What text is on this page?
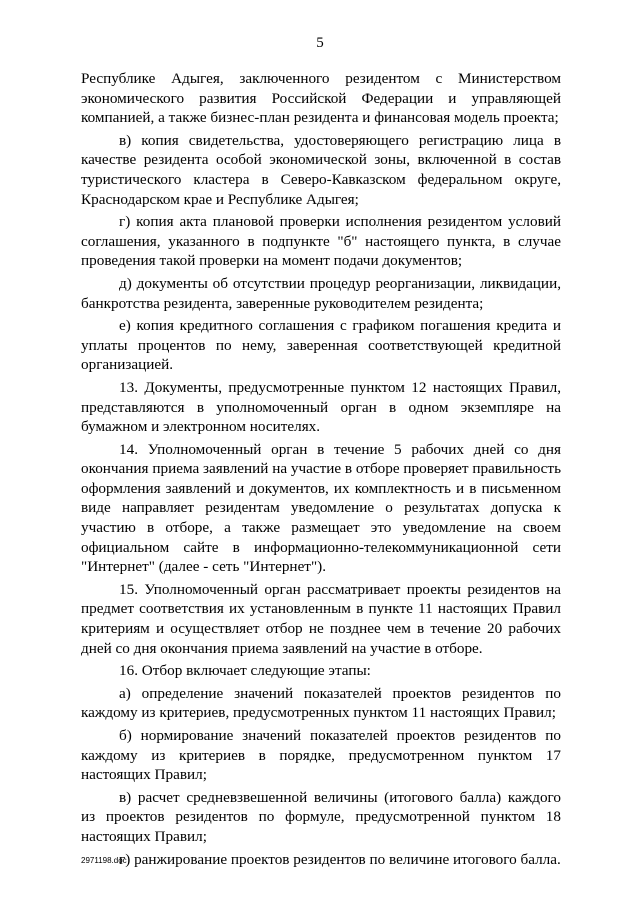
5

Республике Адыгея, заключенного резидентом с Министерством экономического развития Российской Федерации и управляющей компанией, а также бизнес-план резидента и финансовая модель проекта;

в) копия свидетельства, удостоверяющего регистрацию лица в качестве резидента особой экономической зоны, включенной в состав туристического кластера в Северо-Кавказском федеральном округе, Краснодарском крае и Республике Адыгея;

г) копия акта плановой проверки исполнения резидентом условий соглашения, указанного в подпункте "б" настоящего пункта, в случае проведения такой проверки на момент подачи документов;

д) документы об отсутствии процедур реорганизации, ликвидации, банкротства резидента, заверенные руководителем резидента;

е) копия кредитного соглашения с графиком погашения кредита и уплаты процентов по нему, заверенная соответствующей кредитной организацией.

13. Документы, предусмотренные пунктом 12 настоящих Правил, представляются в уполномоченный орган в одном экземпляре на бумажном и электронном носителях.

14. Уполномоченный орган в течение 5 рабочих дней со дня окончания приема заявлений на участие в отборе проверяет правильность оформления заявлений и документов, их комплектность и в письменном виде направляет резидентам уведомление о результатах допуска к участию в отборе, а также размещает это уведомление на своем официальном сайте в информационно-телекоммуникационной сети "Интернет" (далее - сеть "Интернет").

15. Уполномоченный орган рассматривает проекты резидентов на предмет соответствия их установленным в пункте 11 настоящих Правил критериям и осуществляет отбор не позднее чем в течение 20 рабочих дней со дня окончания приема заявлений на участие в отборе.

16. Отбор включает следующие этапы:

а) определение значений показателей проектов резидентов по каждому из критериев, предусмотренных пунктом 11 настоящих Правил;

б) нормирование значений показателей проектов резидентов по каждому из критериев в порядке, предусмотренном пунктом 17 настоящих Правил;

в) расчет средневзвешенной величины (итогового балла) каждого из проектов резидентов по формуле, предусмотренной пунктом 18 настоящих Правил;

г) ранжирование проектов резидентов по величине итогового балла.

2971198.doc
